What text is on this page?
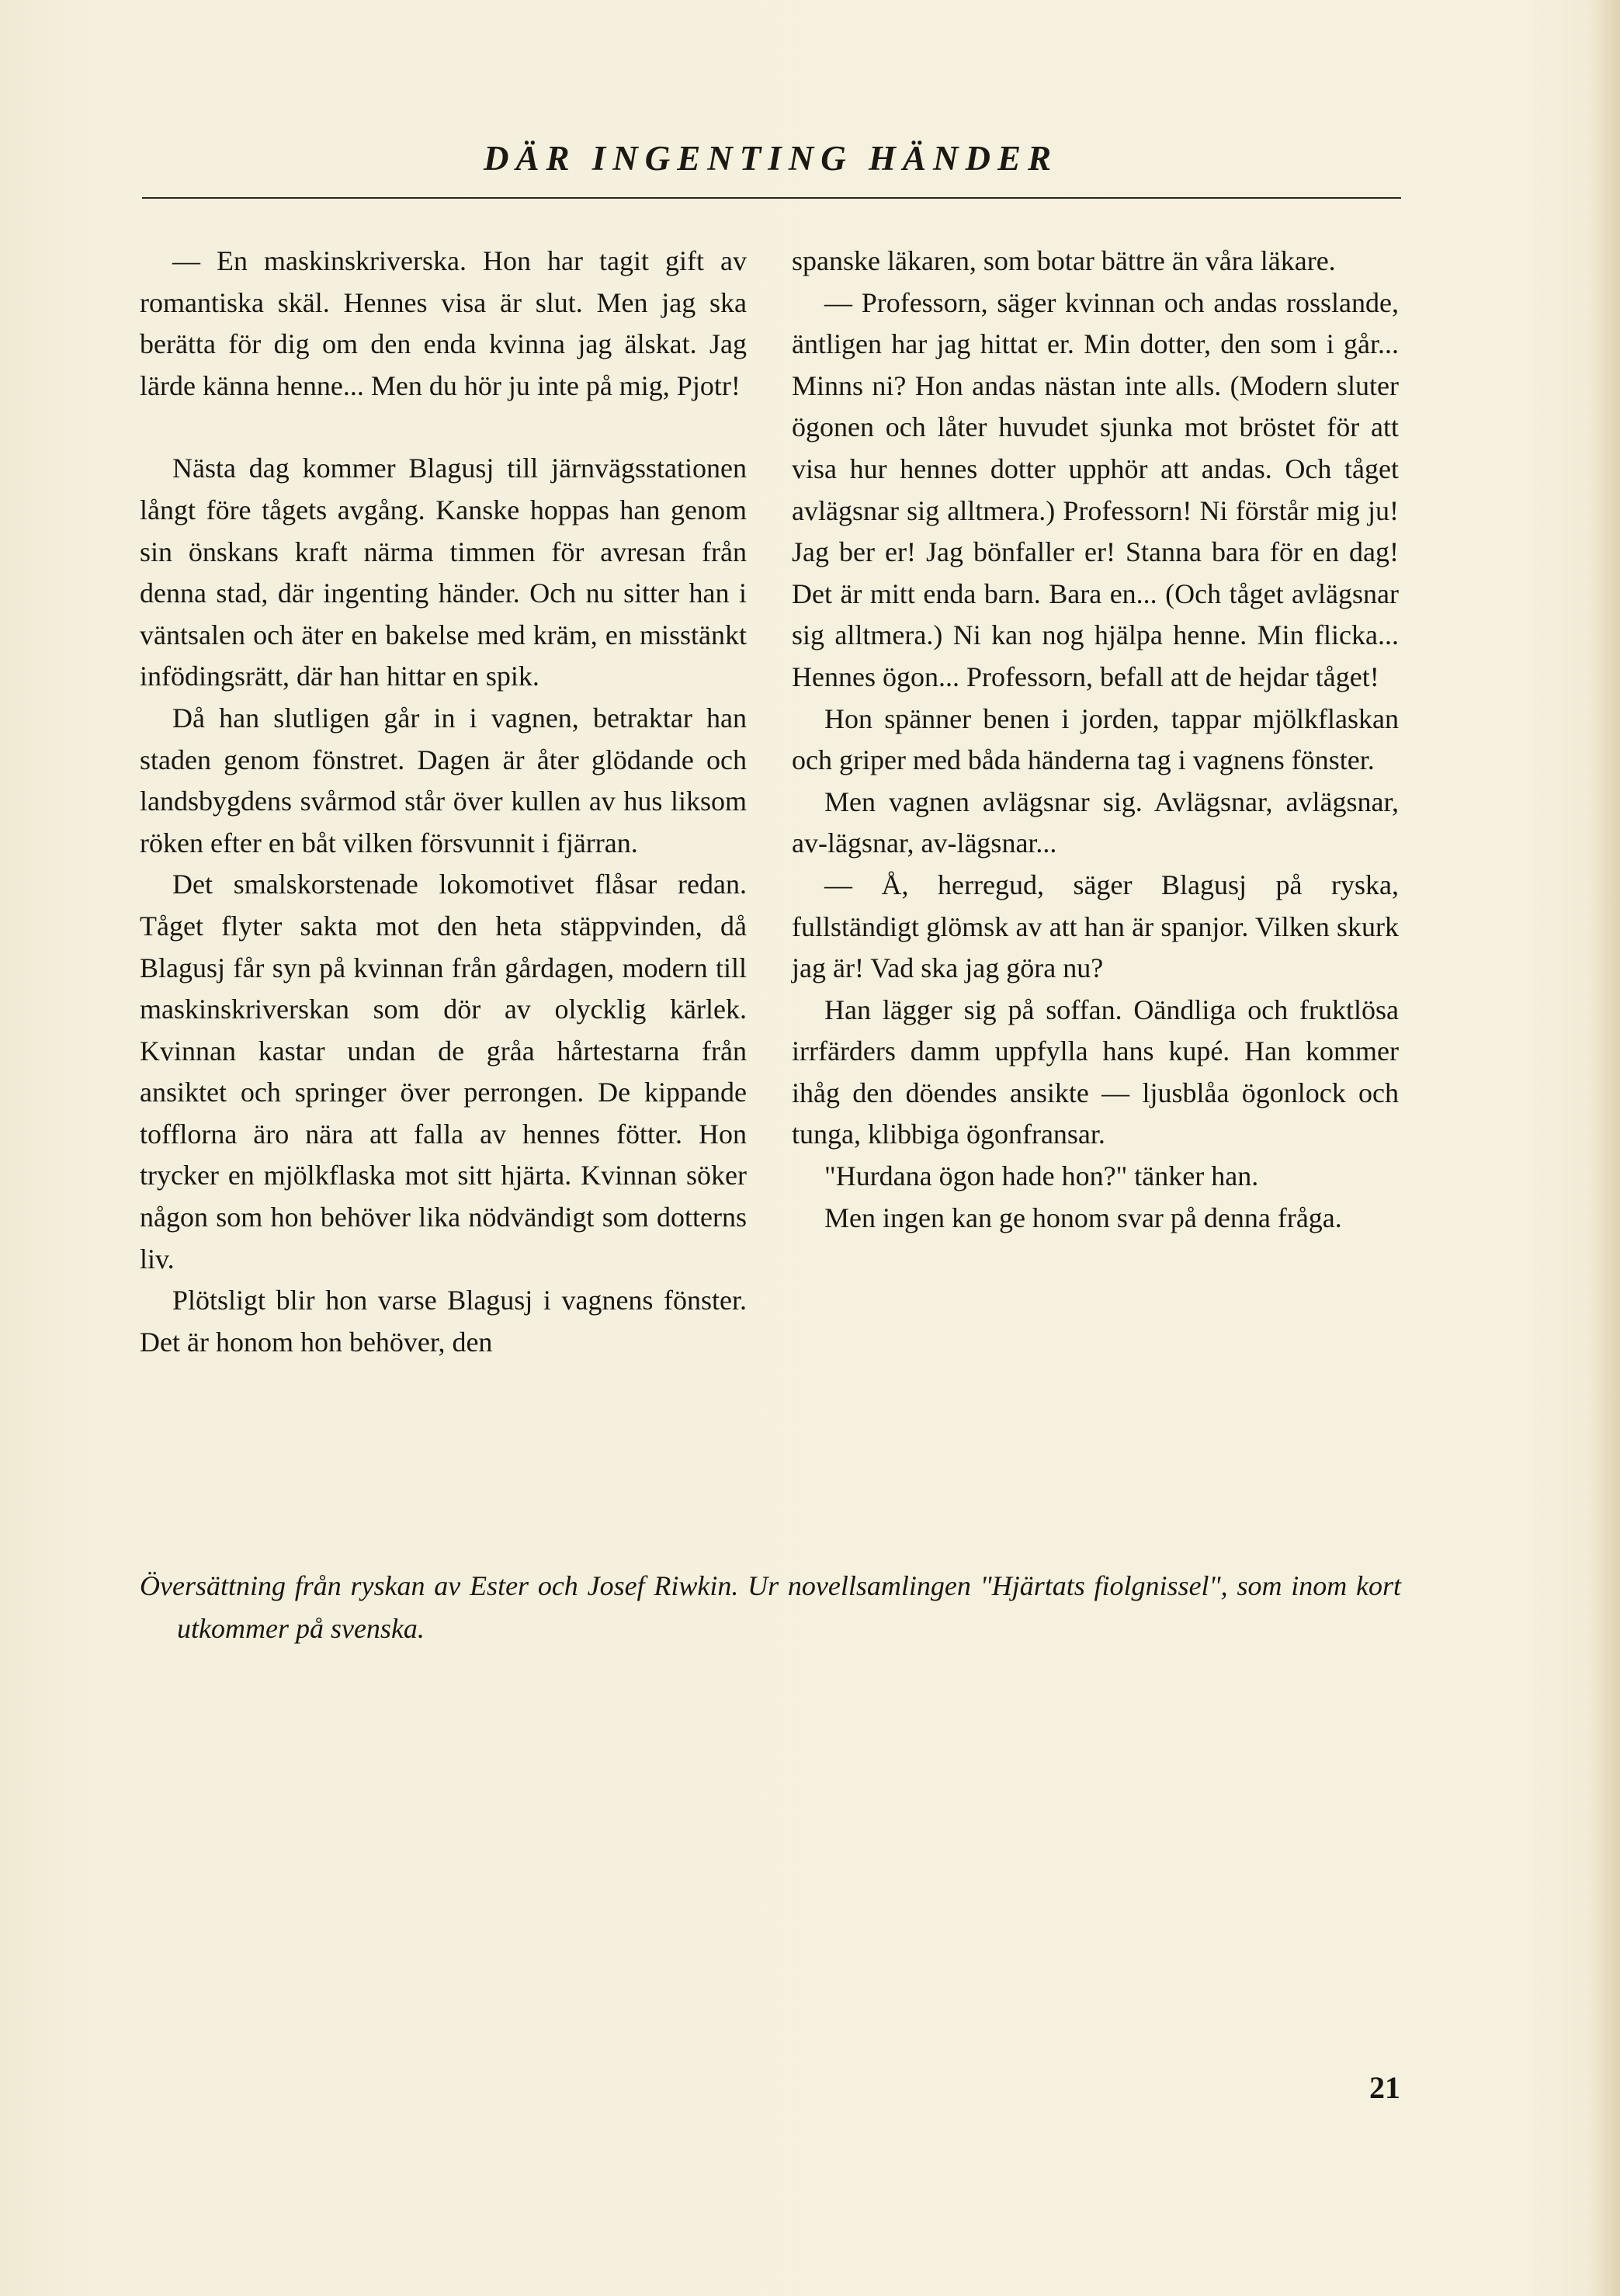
DÄR INGENTING HÄNDER

— En maskinskriverska. Hon har tagit gift av romantiska skäl. Hennes visa är slut. Men jag ska berätta för dig om den enda kvinna jag älskat. Jag lärde känna henne... Men du hör ju inte på mig, Pjotr!

Nästa dag kommer Blagusj till järnvägsstationen långt före tågets avgång. Kanske hoppas han genom sin önskans kraft närma timmen för avresan från denna stad, där ingenting händer. Och nu sitter han i väntsalen och äter en bakelse med kräm, en misstänkt infödingsrätt, där han hittar en spik.

Då han slutligen går in i vagnen, betraktar han staden genom fönstret. Dagen är åter glödande och landsbygdens svårmod står över kullen av hus liksom röken efter en båt vilken försvunnit i fjärran.

Det smalskorstenade lokomotivet flåsar redan. Tåget flyter sakta mot den heta stäppvinden, då Blagusj får syn på kvinnan från gårdagen, modern till maskinskriverskan som dör av olycklig kärlek. Kvinnan kastar undan de gråa hårtestarna från ansiktet och springer över perrongen. De kippande tofflorna äro nära att falla av hennes fötter. Hon trycker en mjölkflaska mot sitt hjärta. Kvinnan söker någon som hon behöver lika nödvändigt som dotterns liv.

Plötsligt blir hon varse Blagusj i vagnens fönster. Det är honom hon behöver, den

spanske läkaren, som botar bättre än våra läkare.

— Professorn, säger kvinnan och andas rosslande, äntligen har jag hittat er. Min dotter, den som i går... Minns ni? Hon andas nästan inte alls. (Modern sluter ögonen och låter huvudet sjunka mot bröstet för att visa hur hennes dotter upphör att andas. Och tåget avlägsnar sig alltmera.) Professorn! Ni förstår mig ju! Jag ber er! Jag bönfaller er! Stanna bara för en dag! Det är mitt enda barn. Bara en... (Och tåget avlägsnar sig alltmera.) Ni kan nog hjälpa henne. Min flicka... Hennes ögon... Professorn, befall att de hejdar tåget!

Hon spänner benen i jorden, tappar mjölkflaskan och griper med båda händerna tag i vagnens fönster.

Men vagnen avlägsnar sig. Avlägsnar, avlägsnar, av-lägsnar, av-lägsnar...

— Å, herregud, säger Blagusj på ryska, fullständigt glömsk av att han är spanjor. Vilken skurk jag är! Vad ska jag göra nu?

Han lägger sig på soffan. Oändliga och fruktlösa irrfärders damm uppfylla hans kupé. Han kommer ihåg den döendes ansikte — ljusblåa ögonlock och tunga, klibbiga ögonfransar.

"Hurdana ögon hade hon?" tänker han.

Men ingen kan ge honom svar på denna fråga.

Översättning från ryskan av Ester och Josef Riwkin. Ur novellsamlingen "Hjärtats fiolgnissel", som inom kort utkommer på svenska.

21
